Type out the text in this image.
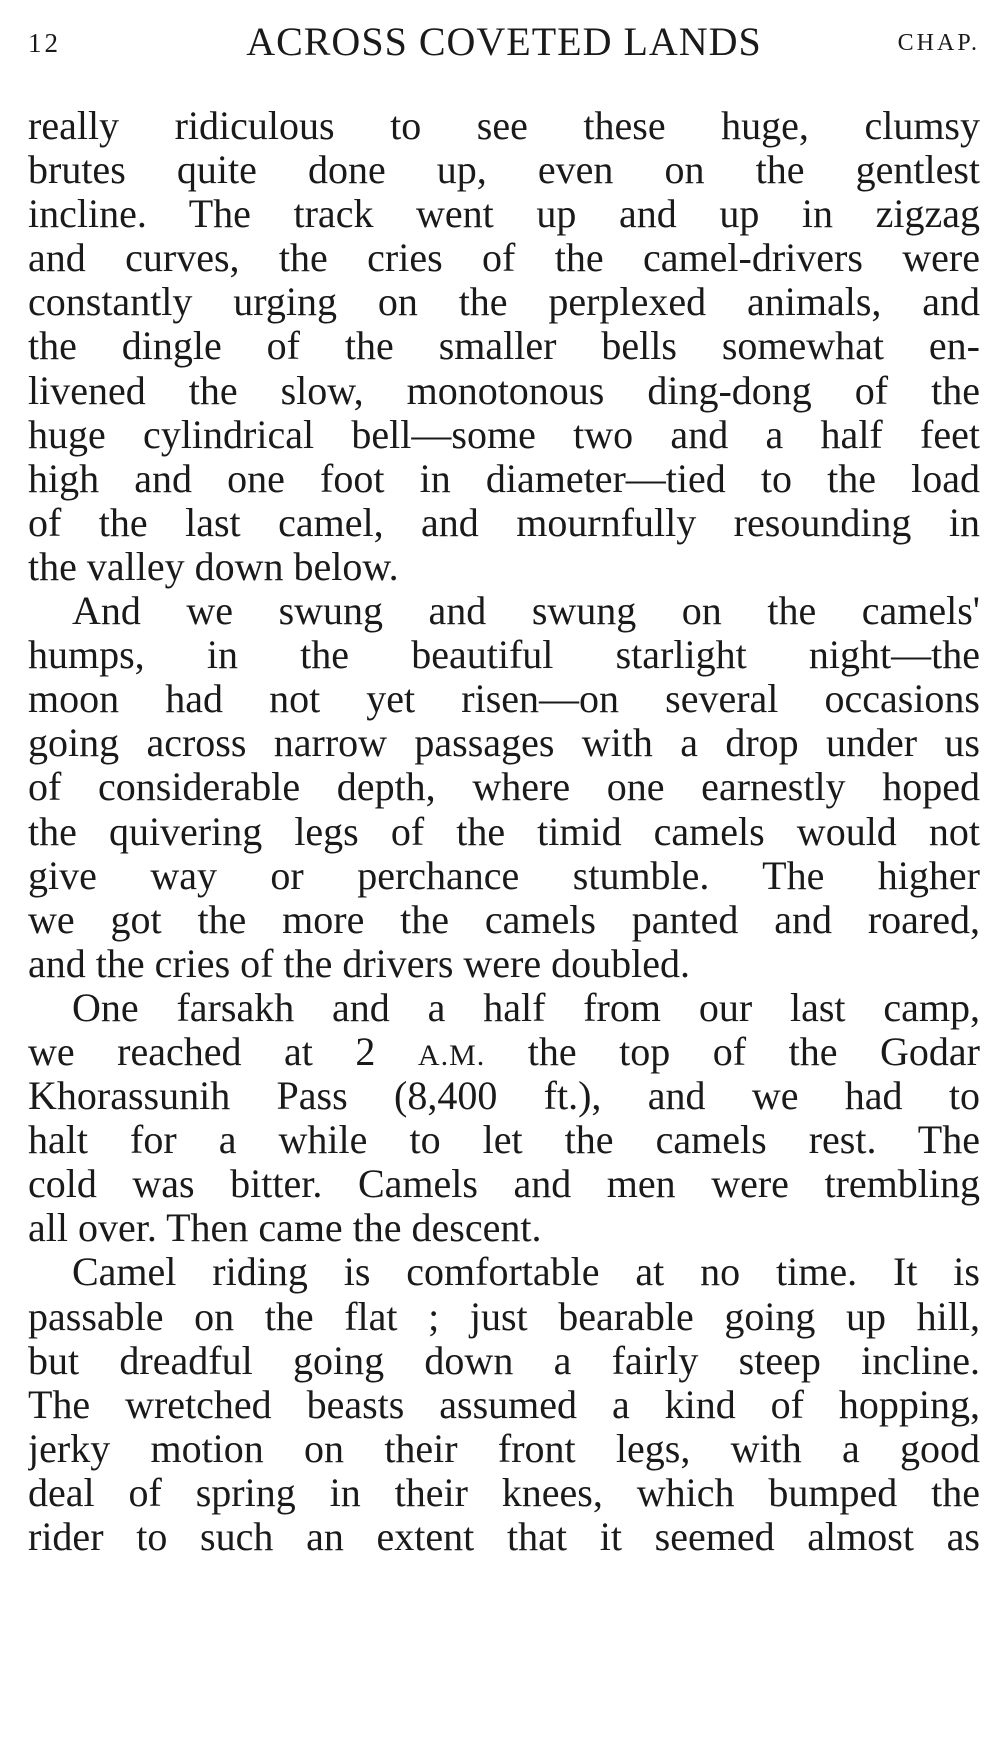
12	ACROSS COVETED LANDS	CHAP.
really ridiculous to see these huge, clumsy
brutes quite done up, even on the gentlest
incline. The track went up and up in zigzag
and curves, the cries of the camel-drivers were
constantly urging on the perplexed animals, and
the dingle of the smaller bells somewhat en-
livened the slow, monotonous ding-dong of the
huge cylindrical bell—some two and a half feet
high and one foot in diameter—tied to the load
of the last camel, and mournfully resounding in
the valley down below.
And we swung and swung on the camels'
humps, in the beautiful starlight night—the
moon had not yet risen—on several occasions
going across narrow passages with a drop under us
of considerable depth, where one earnestly hoped
the quivering legs of the timid camels would not
give way or perchance stumble. The higher
we got the more the camels panted and roared,
and the cries of the drivers were doubled.
One farsakh and a half from our last camp,
we reached at 2 A.M. the top of the Godar
Khorassunih Pass (8,400 ft.), and we had to
halt for a while to let the camels rest. The
cold was bitter. Camels and men were trembling
all over. Then came the descent.
Camel riding is comfortable at no time. It is
passable on the flat ; just bearable going up hill,
but dreadful going down a fairly steep incline.
The wretched beasts assumed a kind of hopping,
jerky motion on their front legs, with a good
deal of spring in their knees, which bumped the
rider to such an extent that it seemed almost as
